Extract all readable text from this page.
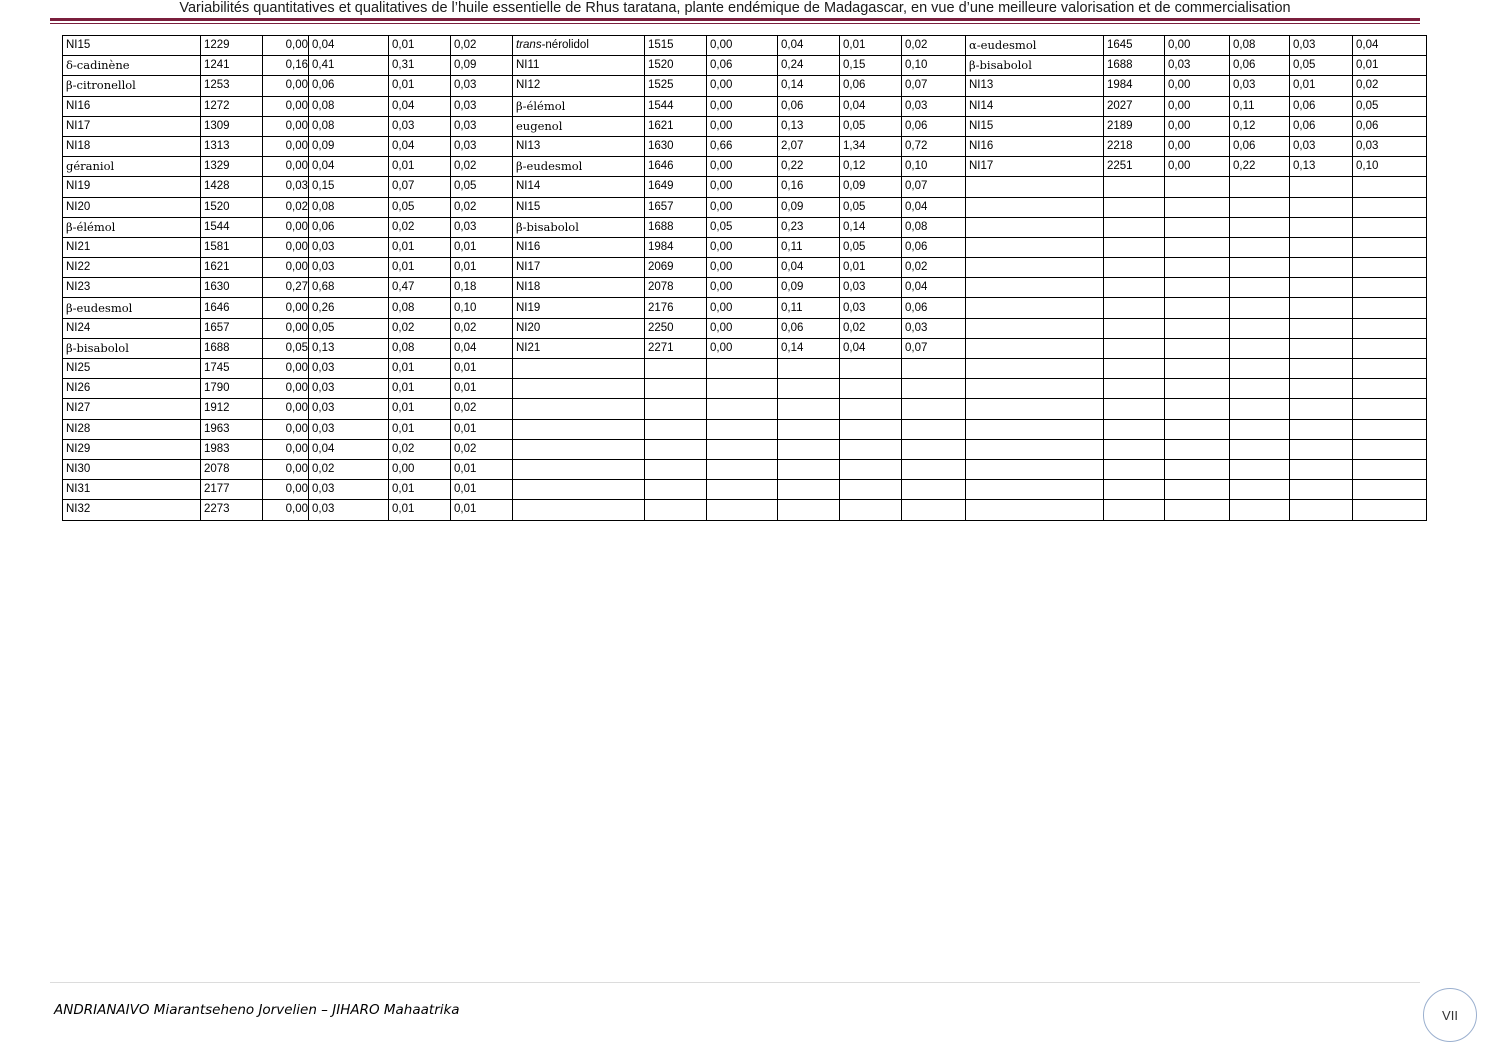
Variabilités quantitatives et qualitatives de l’huile essentielle de Rhus taratana, plante endémique de Madagascar, en vue d’une meilleure valorisation et de commercialisation
NI15	1229	0,00	0,04	0,01	0,02	trans-nérolidol	1515	0,00	0,04	0,01	0,02	α-eudesmol	1645	0,00	0,08	0,03	0,04
δ-cadinène	1241	0,16	0,41	0,31	0,09	NI11	1520	0,06	0,24	0,15	0,10	β-bisabolol	1688	0,03	0,06	0,05	0,01
β-citronellol	1253	0,00	0,06	0,01	0,03	NI12	1525	0,00	0,14	0,06	0,07	NI13	1984	0,00	0,03	0,01	0,02
NI16	1272	0,00	0,08	0,04	0,03	β-élémol	1544	0,00	0,06	0,04	0,03	NI14	2027	0,00	0,11	0,06	0,05
NI17	1309	0,00	0,08	0,03	0,03	eugenol	1621	0,00	0,13	0,05	0,06	NI15	2189	0,00	0,12	0,06	0,06
NI18	1313	0,00	0,09	0,04	0,03	NI13	1630	0,66	2,07	1,34	0,72	NI16	2218	0,00	0,06	0,03	0,03
géraniol	1329	0,00	0,04	0,01	0,02	β-eudesmol	1646	0,00	0,22	0,12	0,10	NI17	2251	0,00	0,22	0,13	0,10
NI19	1428	0,03	0,15	0,07	0,05	NI14	1649	0,00	0,16	0,09	0,07						
NI20	1520	0,02	0,08	0,05	0,02	NI15	1657	0,00	0,09	0,05	0,04						
β-élémol	1544	0,00	0,06	0,02	0,03	β-bisabolol	1688	0,05	0,23	0,14	0,08						
NI21	1581	0,00	0,03	0,01	0,01	NI16	1984	0,00	0,11	0,05	0,06						
NI22	1621	0,00	0,03	0,01	0,01	NI17	2069	0,00	0,04	0,01	0,02						
NI23	1630	0,27	0,68	0,47	0,18	NI18	2078	0,00	0,09	0,03	0,04						
β-eudesmol	1646	0,00	0,26	0,08	0,10	NI19	2176	0,00	0,11	0,03	0,06						
NI24	1657	0,00	0,05	0,02	0,02	NI20	2250	0,00	0,06	0,02	0,03						
β-bisabolol	1688	0,05	0,13	0,08	0,04	NI21	2271	0,00	0,14	0,04	0,07						
NI25	1745	0,00	0,03	0,01	0,01												
NI26	1790	0,00	0,03	0,01	0,01												
NI27	1912	0,00	0,03	0,01	0,02												
NI28	1963	0,00	0,03	0,01	0,01												
NI29	1983	0,00	0,04	0,02	0,02												
NI30	2078	0,00	0,02	0,00	0,01												
NI31	2177	0,00	0,03	0,01	0,01												
NI32	2273	0,00	0,03	0,01	0,01												
ANDRIANAIVO Miarantseheno Jorvelien – JIHARO Mahaatrika	VII
